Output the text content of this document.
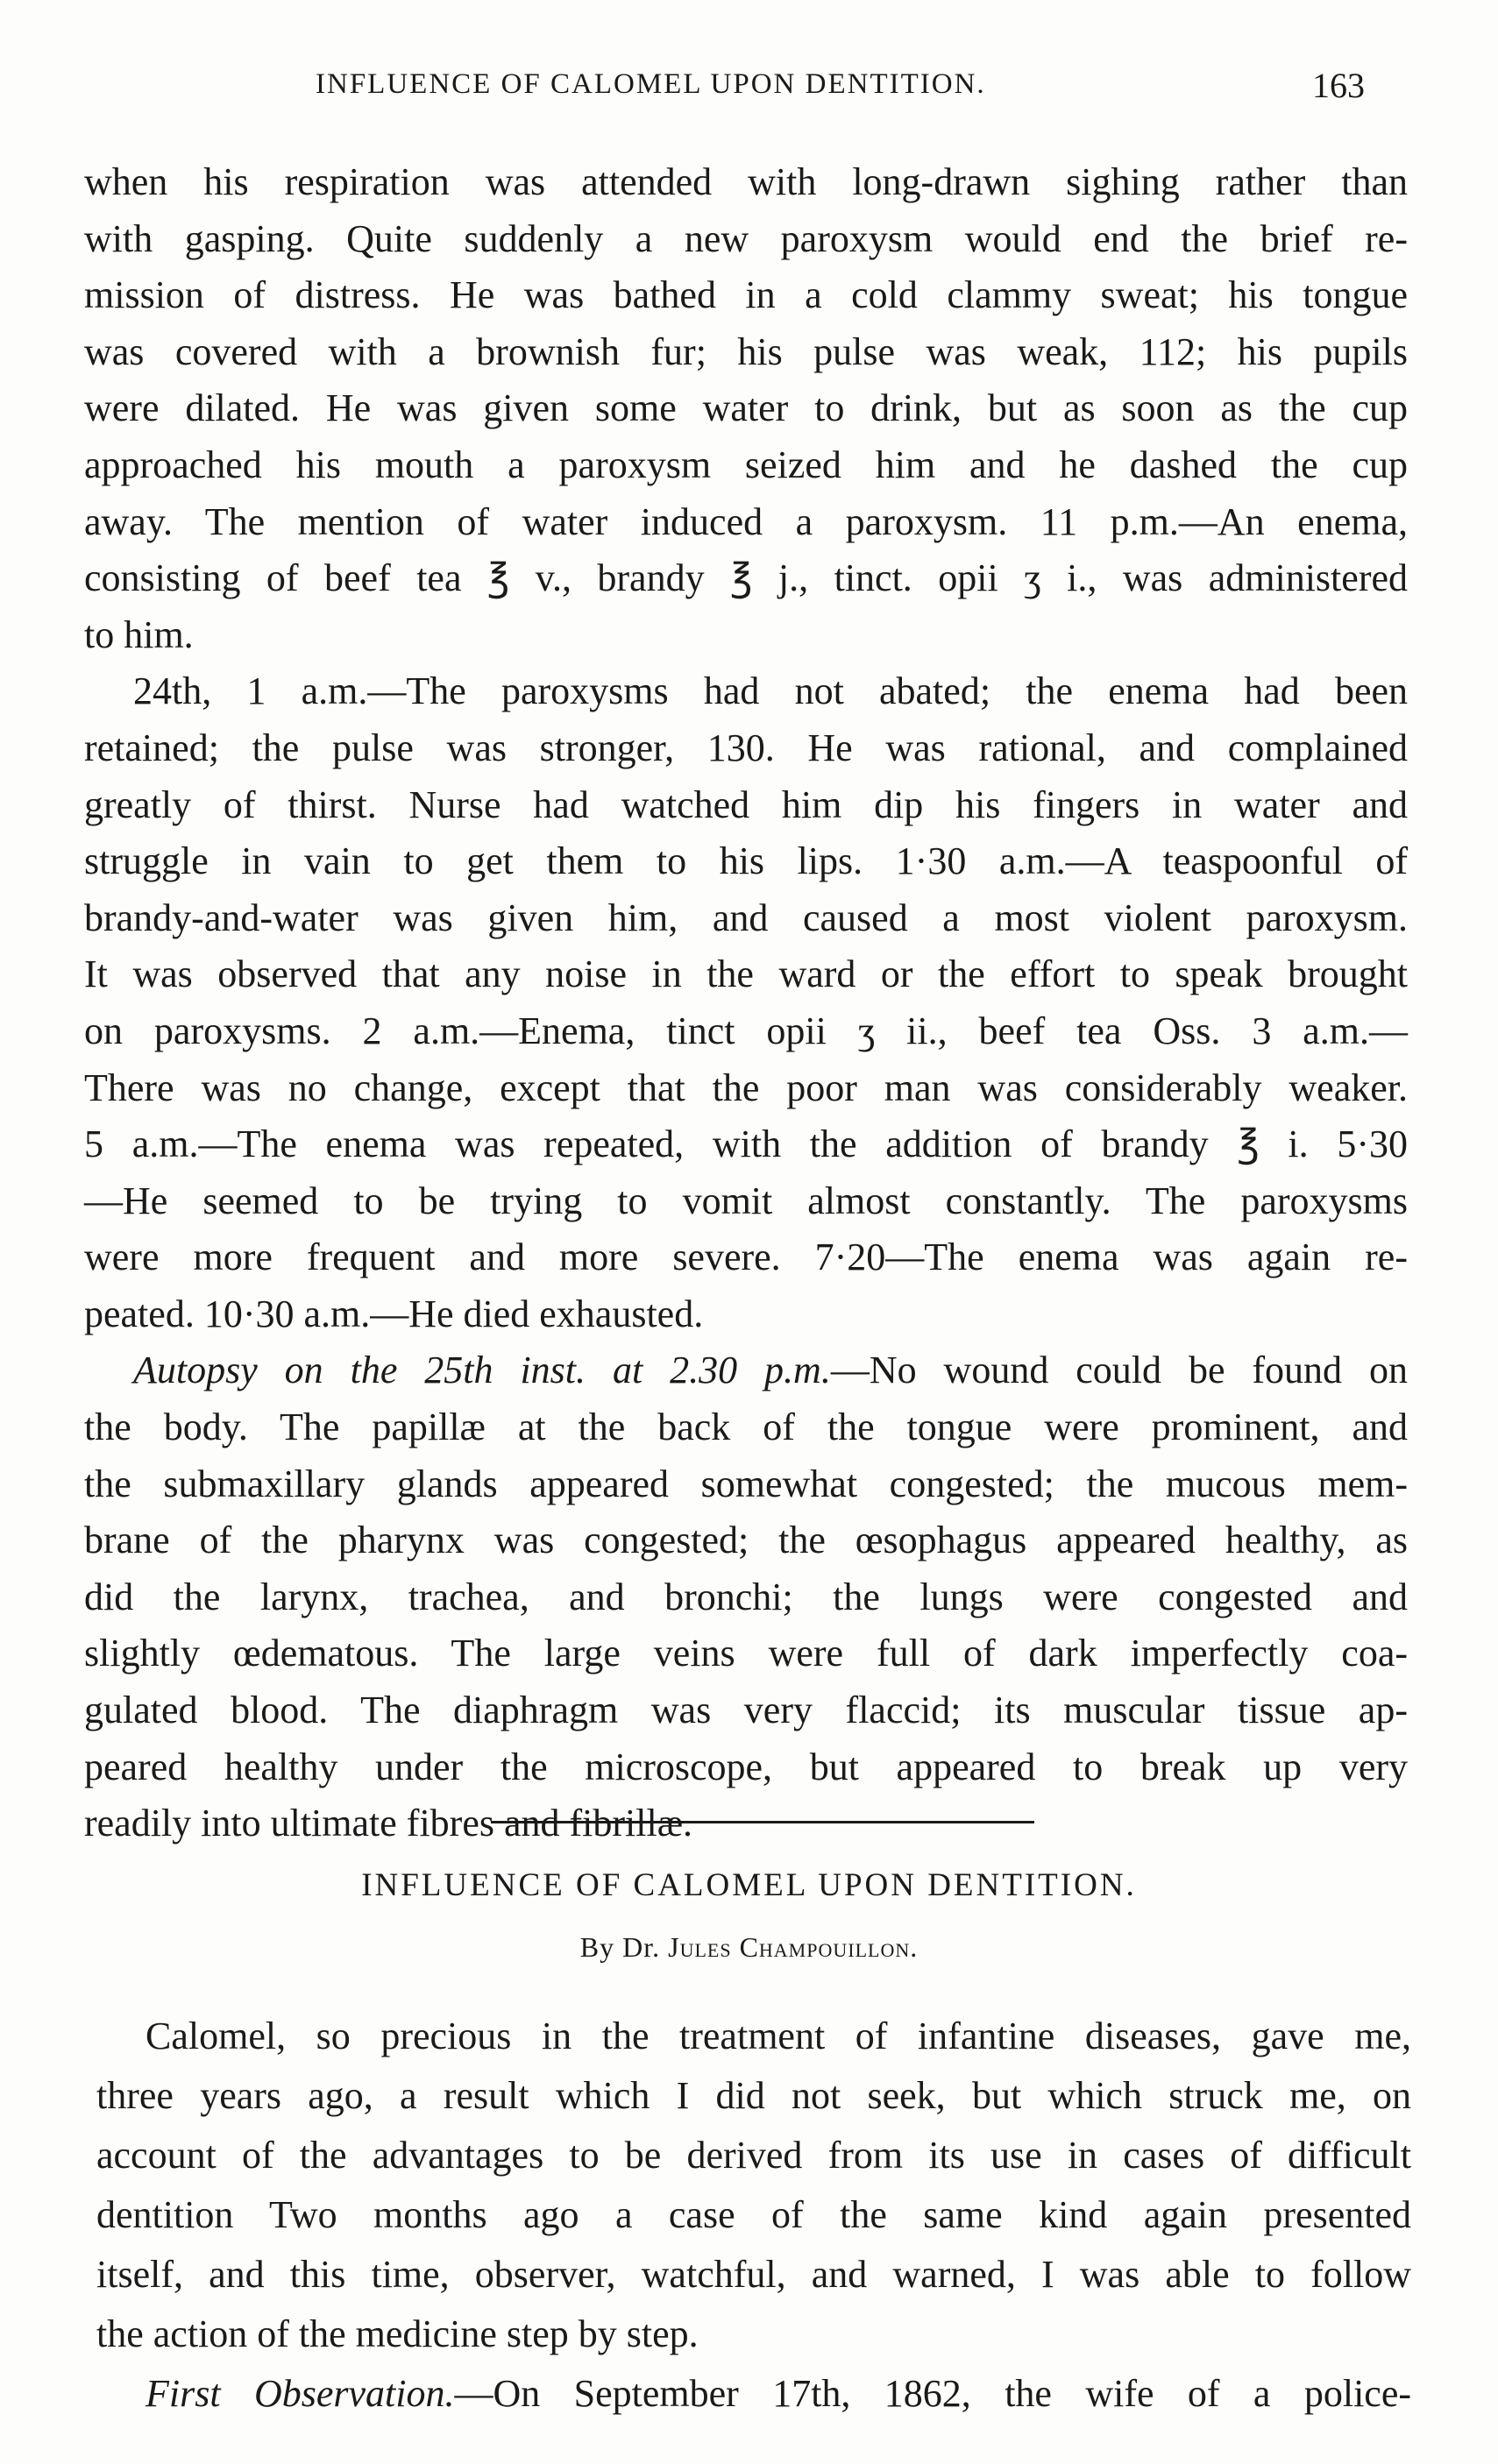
INFLUENCE OF CALOMEL UPON DENTITION.	163
when his respiration was attended with long-drawn sighing rather than
with gasping. Quite suddenly a new paroxysm would end the brief re-
mission of distress. He was bathed in a cold clammy sweat; his tongue
was covered with a brownish fur; his pulse was weak, 112; his pupils
were dilated. He was given some water to drink, but as soon as the cup
approached his mouth a paroxysm seized him and he dashed the cup
away. The mention of water induced a paroxysm. 11 p.m.—An enema,
consisting of beef tea ℥ v., brandy ℥ j., tinct. opii ʒ i., was administered
to him.
24th, 1 a.m.—The paroxysms had not abated; the enema had been
retained; the pulse was stronger, 130. He was rational, and complained
greatly of thirst. Nurse had watched him dip his fingers in water and
struggle in vain to get them to his lips. 1·30 a.m.—A teaspoonful of
brandy-and-water was given him, and caused a most violent paroxysm.
It was observed that any noise in the ward or the effort to speak brought
on paroxysms. 2 a.m.—Enema, tinct opii ʒ ii., beef tea Oss. 3 a.m.—
There was no change, except that the poor man was considerably weaker.
5 a.m.—The enema was repeated, with the addition of brandy ℥ i. 5·30
—He seemed to be trying to vomit almost constantly. The paroxysms
were more frequent and more severe. 7·20—The enema was again re-
peated. 10·30 a.m.—He died exhausted.
Autopsy on the 25th inst. at 2.30 p.m.—No wound could be found on
the body. The papillæ at the back of the tongue were prominent, and
the submaxillary glands appeared somewhat congested; the mucous mem-
brane of the pharynx was congested; the œsophagus appeared healthy, as
did the larynx, trachea, and bronchi; the lungs were congested and
slightly œdematous. The large veins were full of dark imperfectly coa-
gulated blood. The diaphragm was very flaccid; its muscular tissue ap-
peared healthy under the microscope, but appeared to break up very
readily into ultimate fibres and fibrillæ.
INFLUENCE OF CALOMEL UPON DENTITION.
By Dr. Jules Champouillon.
Calomel, so precious in the treatment of infantine diseases, gave me,
three years ago, a result which I did not seek, but which struck me, on
account of the advantages to be derived from its use in cases of difficult
dentition Two months ago a case of the same kind again presented
itself, and this time, observer, watchful, and warned, I was able to follow
the action of the medicine step by step.
First Observation.—On September 17th, 1862, the wife of a police-
